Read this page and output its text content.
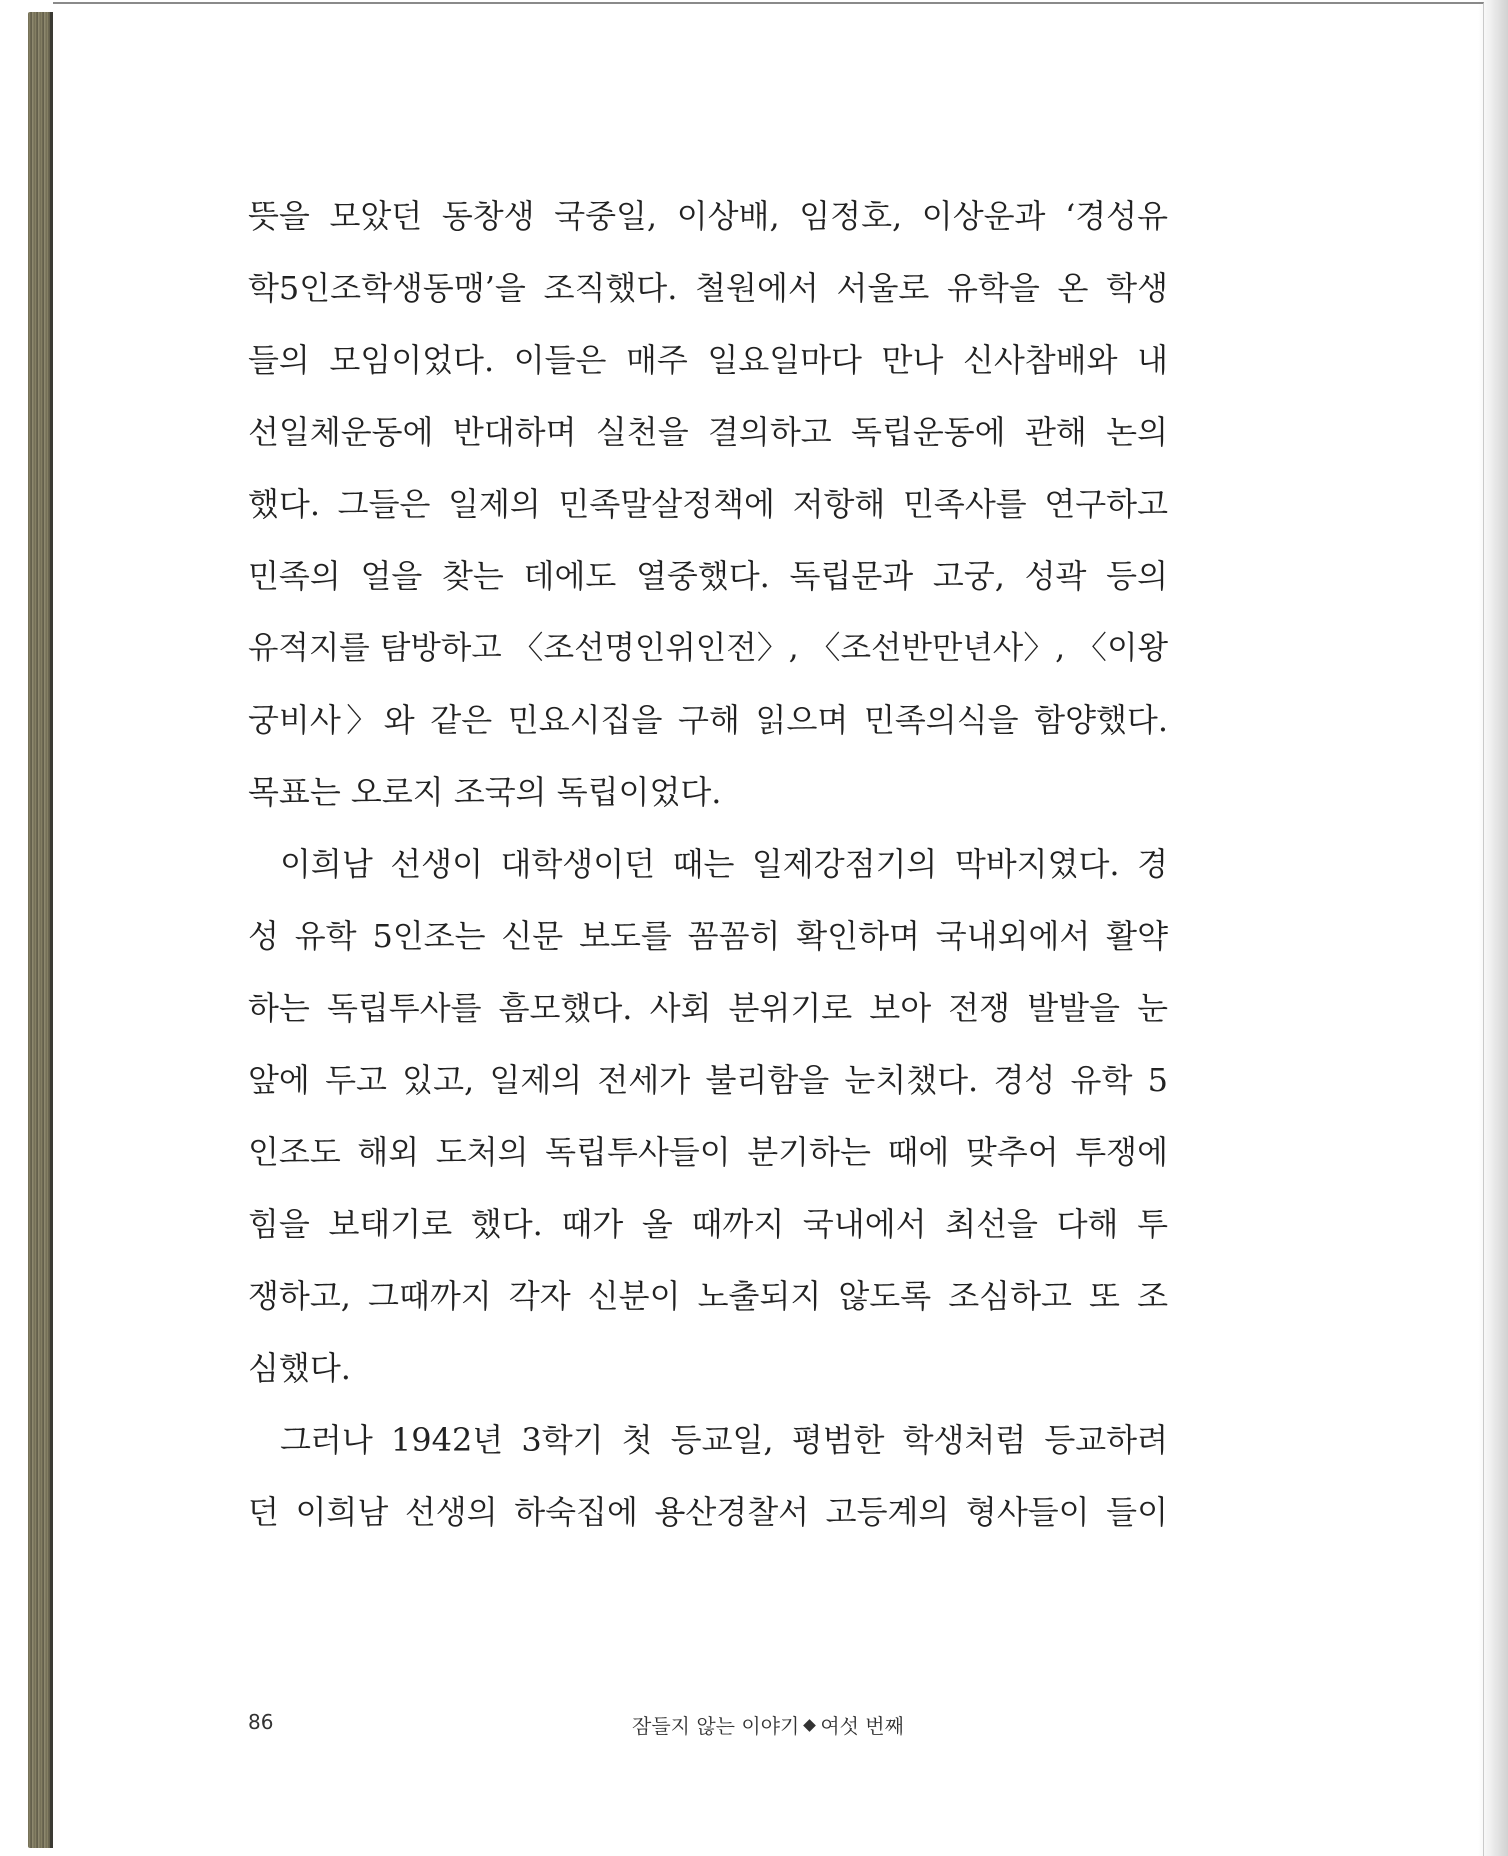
뜻을 모았던 동창생 국중일, 이상배, 임정호, 이상운과 ‘경성유
학5인조학생동맹’을 조직했다. 철원에서 서울로 유학을 온 학생
들의 모임이었다. 이들은 매주 일요일마다 만나 신사참배와 내
선일체운동에 반대하며 실천을 결의하고 독립운동에 관해 논의
했다. 그들은 일제의 민족말살정책에 저항해 민족사를 연구하고
민족의 얼을 찾는 데에도 열중했다. 독립문과 고궁, 성곽 등의
유적지를 탐방하고 〈조선명인위인전〉, 〈조선반만년사〉, 〈이왕
궁비사〉와 같은 민요시집을 구해 읽으며 민족의식을 함양했다.
목표는 오로지 조국의 독립이었다.
이희남 선생이 대학생이던 때는 일제강점기의 막바지였다. 경
성 유학 5인조는 신문 보도를 꼼꼼히 확인하며 국내외에서 활약
하는 독립투사를 흠모했다. 사회 분위기로 보아 전쟁 발발을 눈
앞에 두고 있고, 일제의 전세가 불리함을 눈치챘다. 경성 유학 5
인조도 해외 도처의 독립투사들이 분기하는 때에 맞추어 투쟁에
힘을 보태기로 했다. 때가 올 때까지 국내에서 최선을 다해 투
쟁하고, 그때까지 각자 신분이 노출되지 않도록 조심하고 또 조
심했다.
그러나 1942년 3학기 첫 등교일, 평범한 학생처럼 등교하려
던 이희남 선생의 하숙집에 용산경찰서 고등계의 형사들이 들이
86	잠들지 않는 이야기 여섯 번째
